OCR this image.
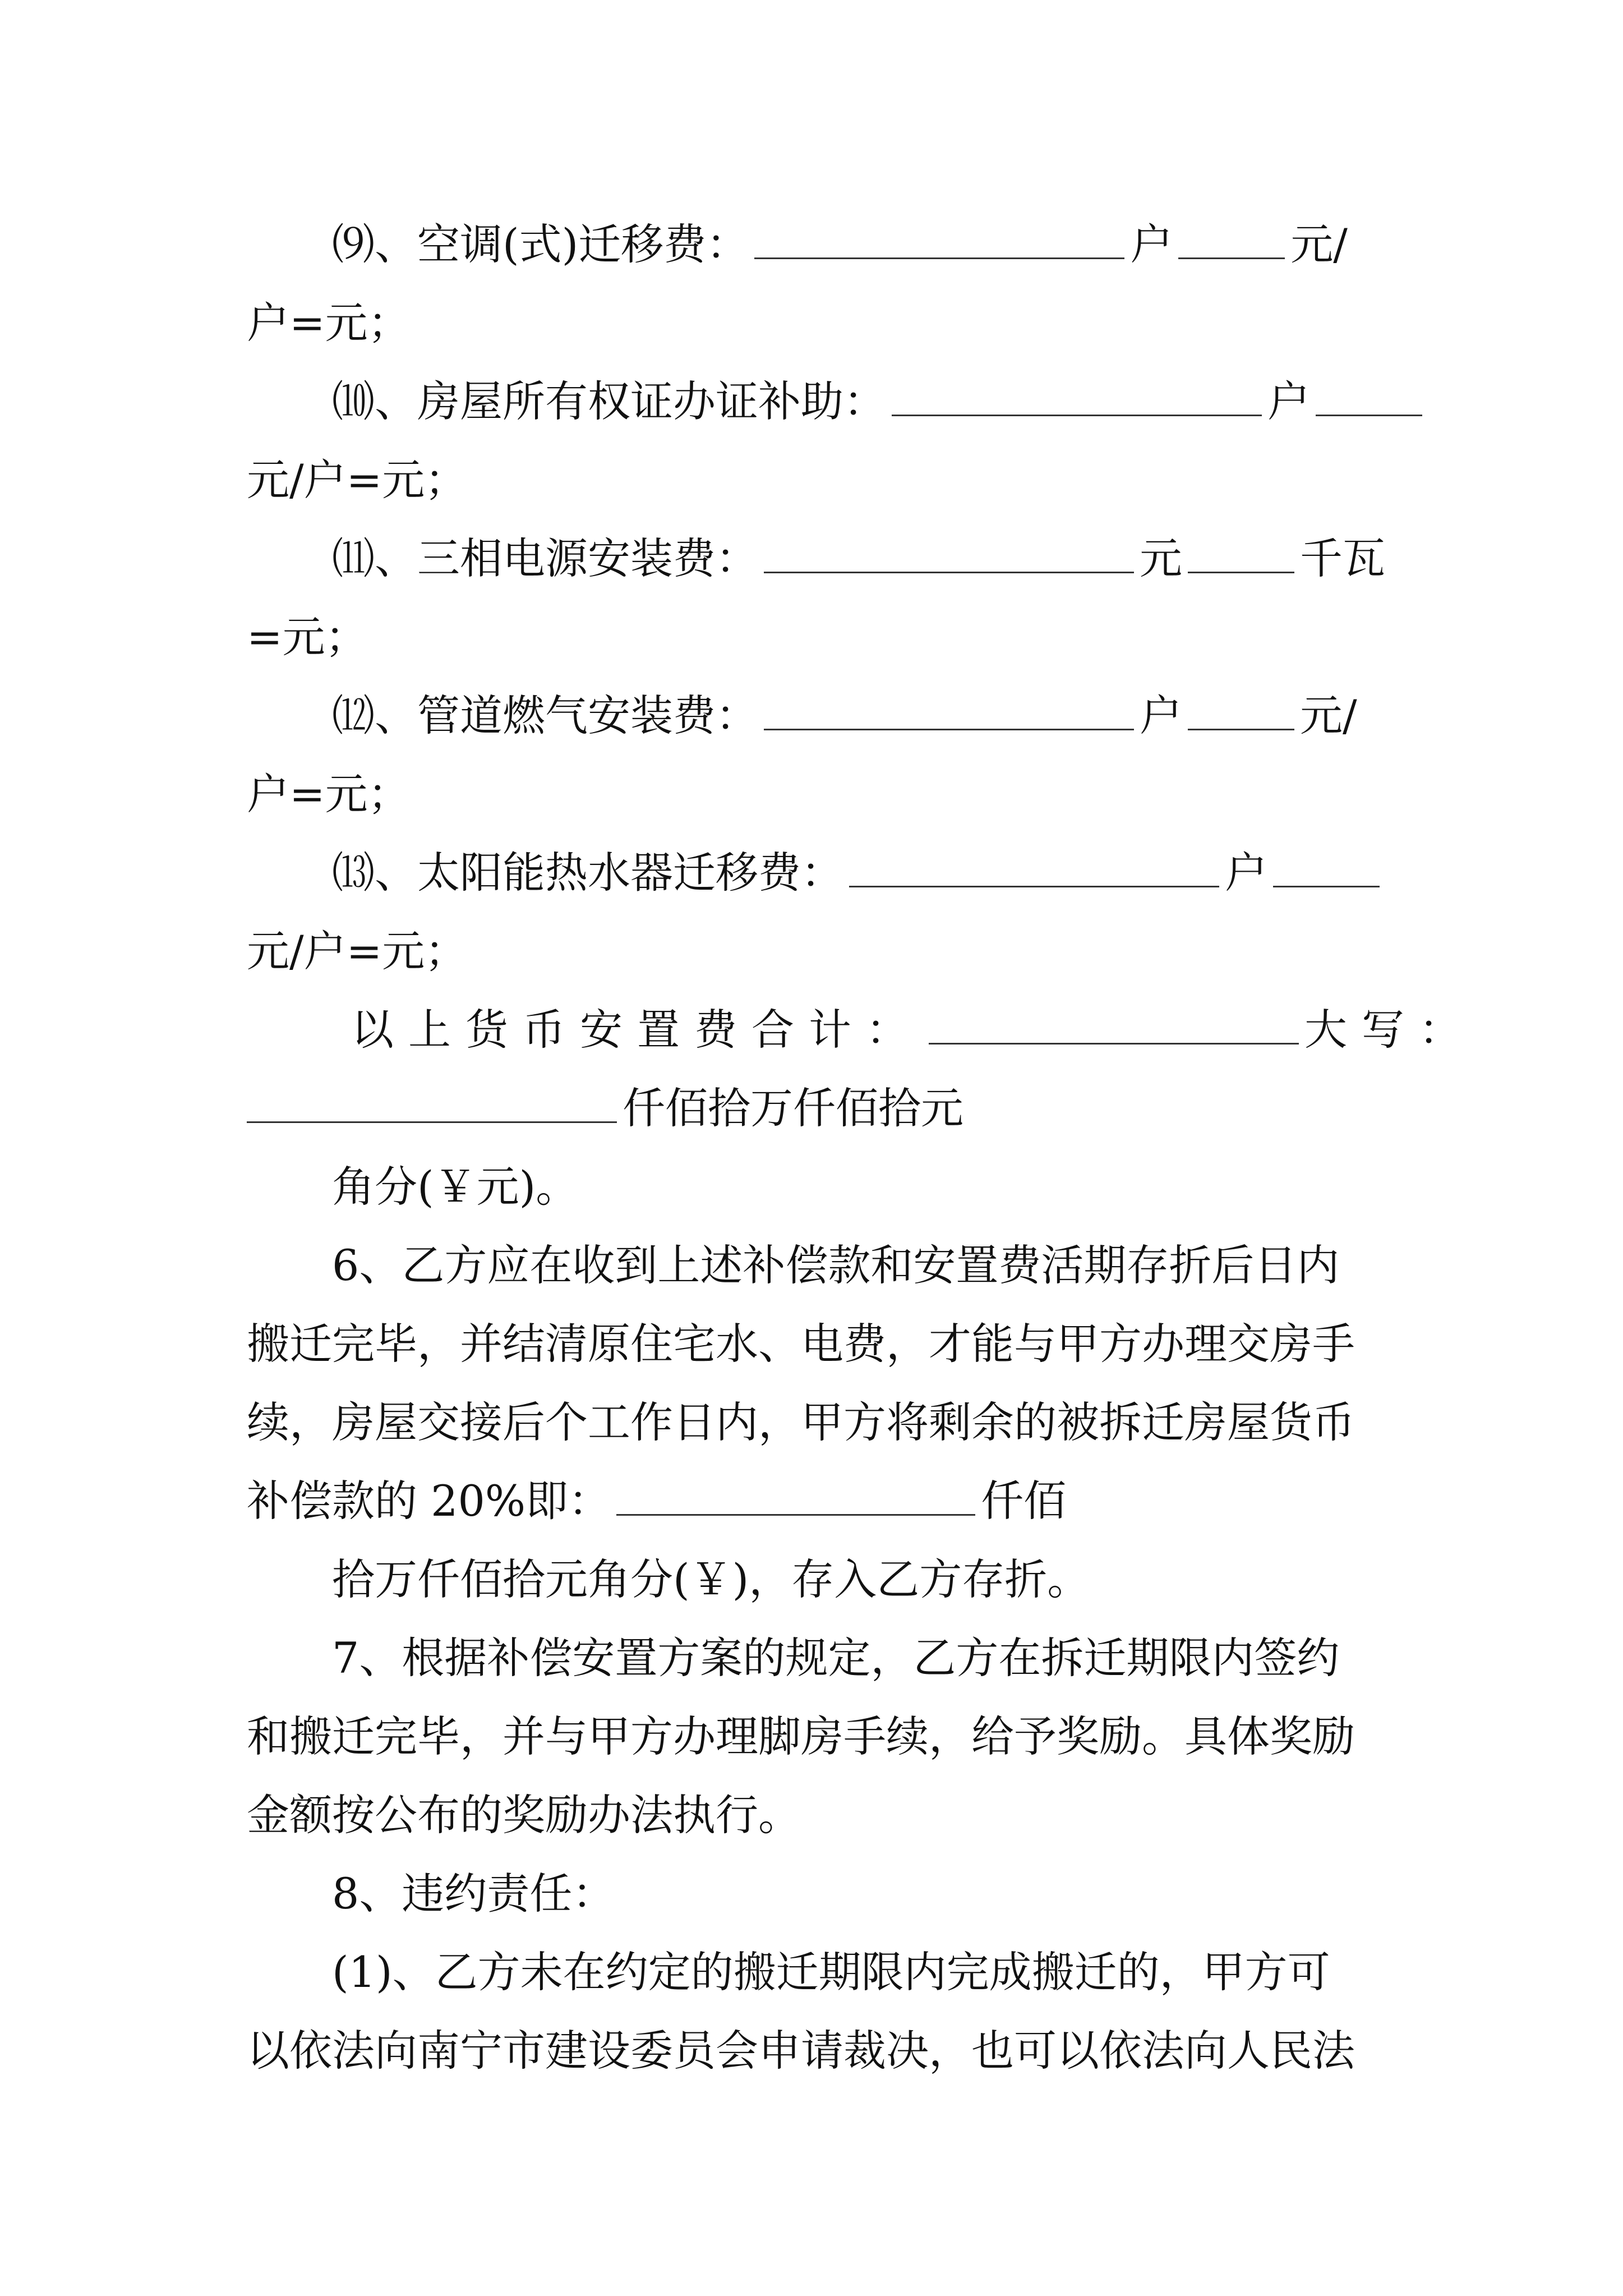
⑼、空调(式)迁移费：	户	元/
户=元；
⑽、房屋所有权证办证补助：	户
元/户=元；
⑾、三相电源安装费：	元	千瓦
=元；
⑿、管道燃气安装费：	户	元/
户=元；
⒀、太阳能热水器迁移费：	户
元/户=元；
以上货币安置费合计：	大写：
仟佰拾万仟佰拾元
角分(￥元)。
6、乙方应在收到上述补偿款和安置费活期存折后日内
搬迁完毕，并结清原住宅水、电费，才能与甲方办理交房手
续，房屋交接后个工作日内，甲方将剩余的被拆迁房屋货币
补偿款的 20%即：	仟佰
拾万仟佰拾元角分(￥)，存入乙方存折。
7、根据补偿安置方案的规定，乙方在拆迁期限内签约
和搬迁完毕，并与甲方办理脚房手续，给予奖励。具体奖励
金额按公布的奖励办法执行。
8、违约责任：
(1)、乙方未在约定的搬迁期限内完成搬迁的，甲方可
以依法向南宁市建设委员会申请裁决，也可以依法向人民法
